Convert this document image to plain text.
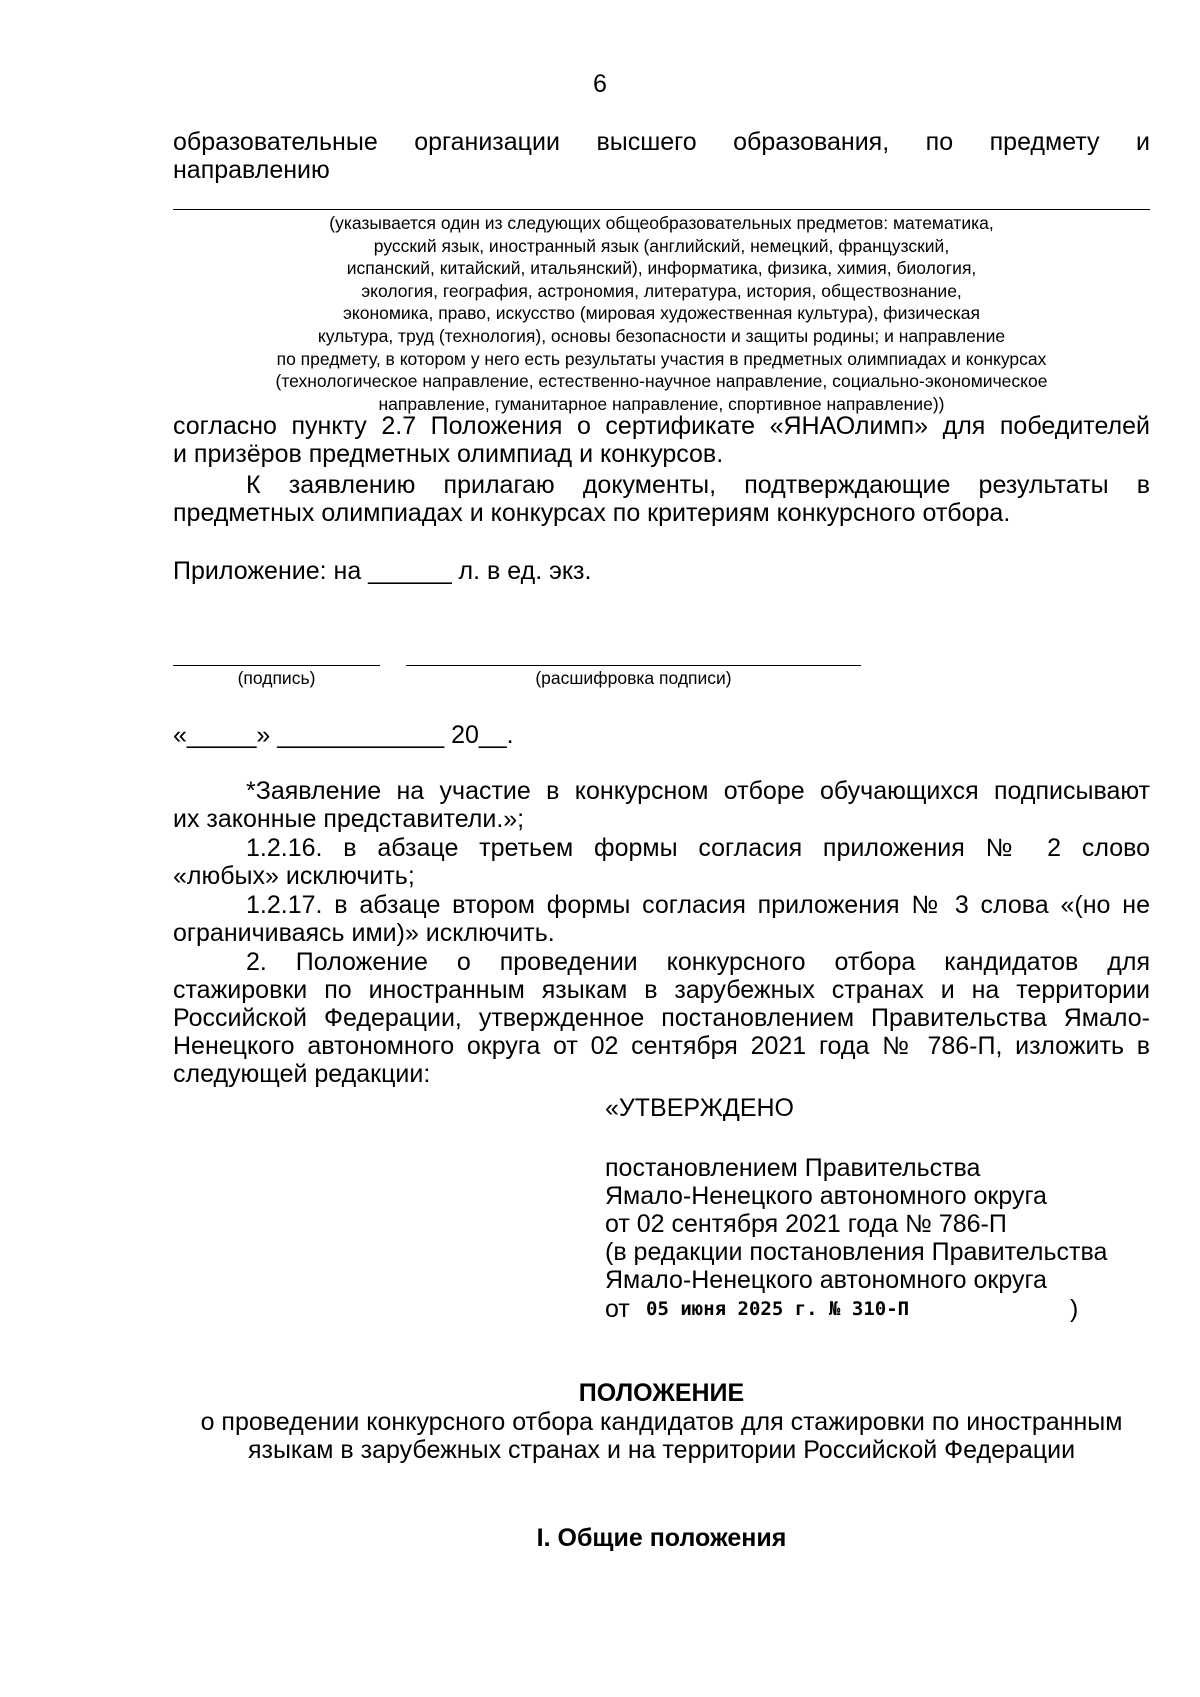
6
образовательные организации высшего образования, по предмету и
направлению
(указывается один из следующих общеобразовательных предметов: математика,
русский язык, иностранный язык (английский, немецкий, французский,
испанский, китайский, итальянский), информатика, физика, химия, биология,
экология, география, астрономия, литература, история, обществознание,
экономика, право, искусство (мировая художественная культура), физическая
культура, труд (технология), основы безопасности и защиты родины; и направление
по предмету, в котором у него есть результаты участия в предметных олимпиадах и конкурсах
(технологическое направление, естественно-научное направление, социально-экономическое
направление, гуманитарное направление, спортивное направление))
согласно пункту 2.7 Положения о сертификате «ЯНАОлимп» для победителей
и призёров предметных олимпиад и конкурсов.
К заявлению прилагаю документы, подтверждающие результаты в
предметных олимпиадах и конкурсах по критериям конкурсного отбора.
Приложение: на ______ л. в ед. экз.
(подпись)	(расшифровка подписи)
«_____» ____________ 20__.
*Заявление на участие в конкурсном отборе обучающихся подписывают
их законные представители.»;
1.2.16. в абзаце третьем формы согласия приложения № 2 слово
«любых» исключить;
1.2.17. в абзаце втором формы согласия приложения № 3 слова «(но не
ограничиваясь ими)» исключить.
2. Положение о проведении конкурсного отбора кандидатов для
стажировки по иностранным языкам в зарубежных странах и на территории
Российской Федерации, утвержденное постановлением Правительства Ямало-
Ненецкого автономного округа от 02 сентября 2021 года № 786-П, изложить в
следующей редакции:
«УТВЕРЖДЕНО
постановлением Правительства
Ямало-Ненецкого автономного округа
от 02 сентября 2021 года № 786-П
(в редакции постановления Правительства
Ямало-Ненецкого автономного округа
от 05 июня 2025 г. № 310-П	)
ПОЛОЖЕНИЕ
о проведении конкурсного отбора кандидатов для стажировки по иностранным
языкам в зарубежных странах и на территории Российской Федерации
I. Общие положения
